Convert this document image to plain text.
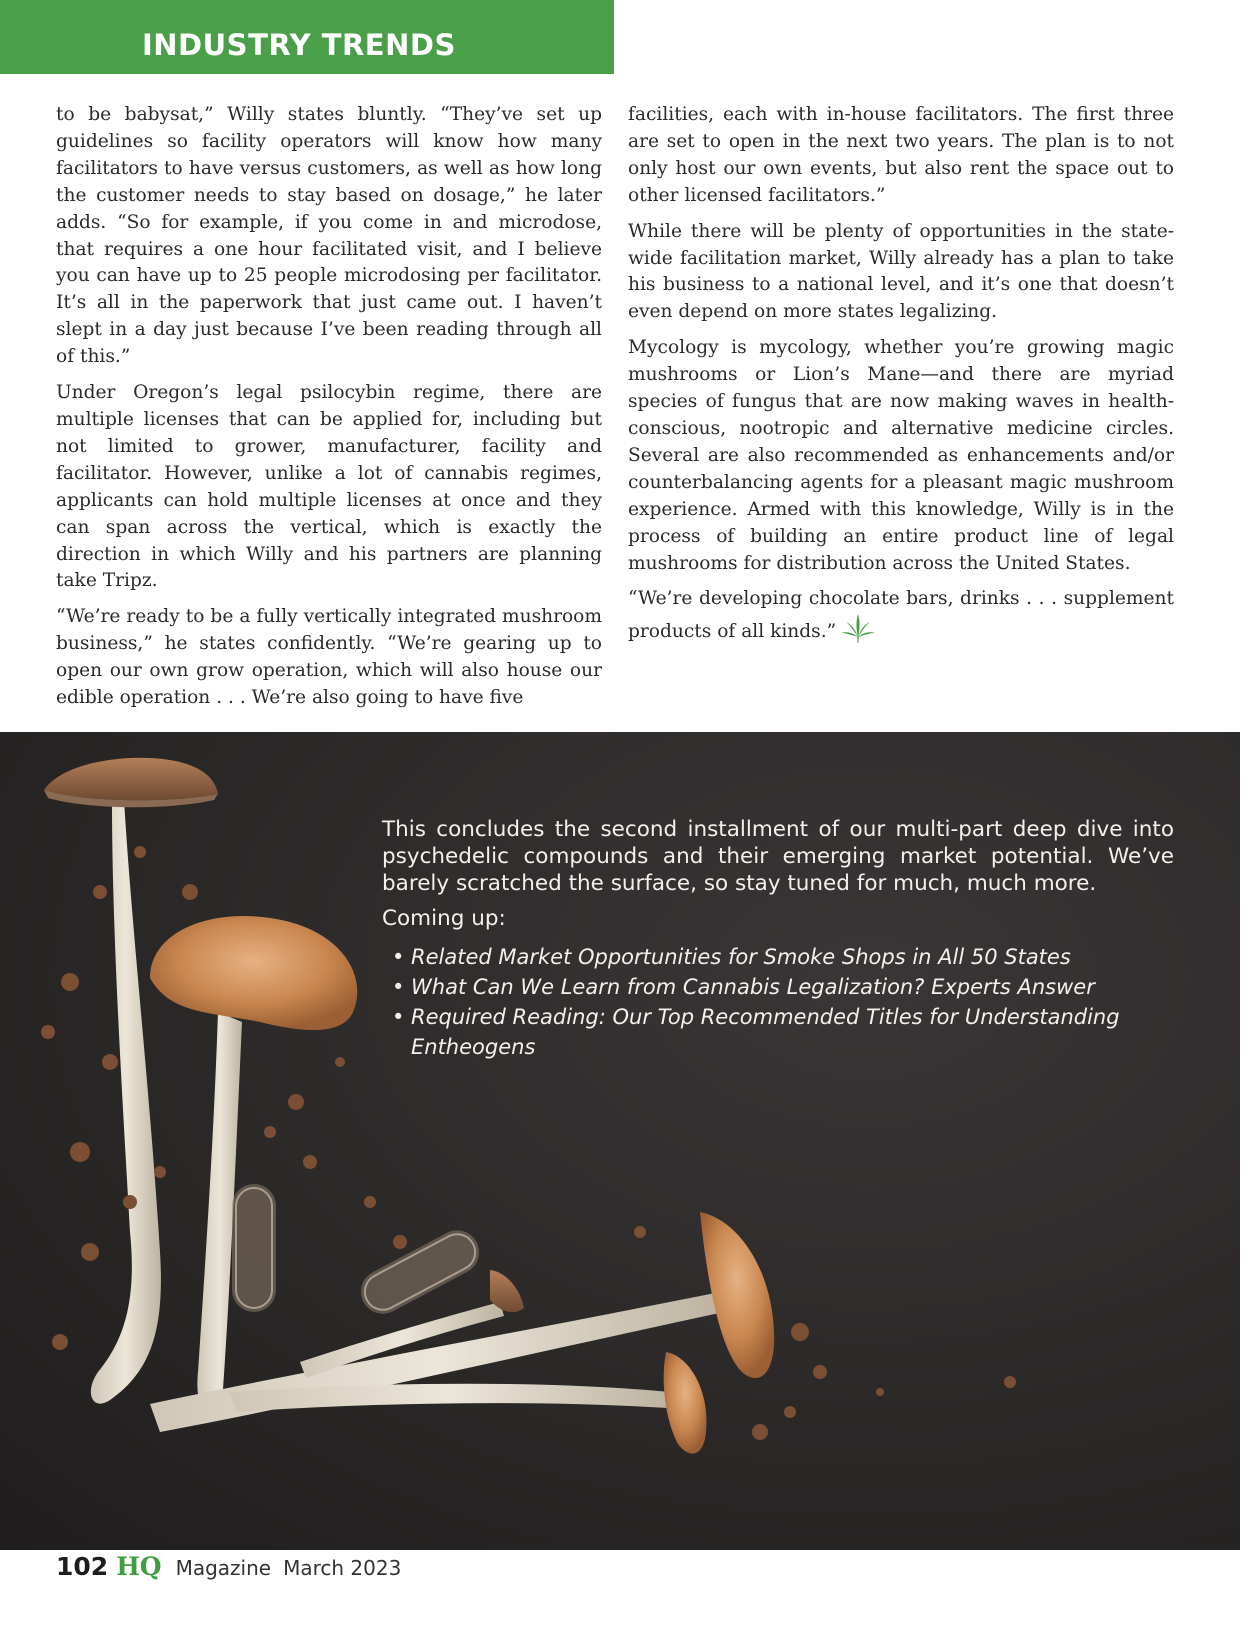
INDUSTRY TRENDS

to be babysat,” Willy states bluntly. “They’ve set up guidelines so facility operators will know how many facilitators to have versus customers, as well as how long the customer needs to stay based on dosage,” he later adds. “So for example, if you come in and microdose, that requires a one hour facilitated visit, and I believe you can have up to 25 people microdosing per facilitator. It’s all in the paperwork that just came out. I haven’t slept in a day just because I’ve been reading through all of this.”

Under Oregon’s legal psilocybin regime, there are multiple licenses that can be applied for, including but not limited to grower, manufacturer, facility and facilitator. However, unlike a lot of cannabis regimes, applicants can hold multiple licenses at once and they can span across the vertical, which is exactly the direction in which Willy and his partners are planning take Tripz.

“We’re ready to be a fully vertically integrated mushroom business,” he states confidently. “We’re gearing up to open our own grow operation, which will also house our edible operation . . . We’re also going to have five

facilities, each with in-house facilitators. The first three are set to open in the next two years. The plan is to not only host our own events, but also rent the space out to other licensed facilitators.”

While there will be plenty of opportunities in the state-wide facilitation market, Willy already has a plan to take his business to a national level, and it’s one that doesn’t even depend on more states legalizing.

Mycology is mycology, whether you’re growing magic mushrooms or Lion’s Mane—and there are myriad species of fungus that are now making waves in health-conscious, nootropic and alternative medicine circles. Several are also recommended as enhancements and/or counterbalancing agents for a pleasant magic mushroom experience. Armed with this knowledge, Willy is in the process of building an entire product line of legal mushrooms for distribution across the United States.

“We’re developing chocolate bars, drinks . . . supplement products of all kinds.”

This concludes the second installment of our multi-part deep dive into psychedelic compounds and their emerging market potential. We’ve barely scratched the surface, so stay tuned for much, much more.

Coming up:

• Related Market Opportunities for Smoke Shops in All 50 States
• What Can We Learn from Cannabis Legalization? Experts Answer
• Required Reading: Our Top Recommended Titles for Understanding Entheogens
102 HQ Magazine March 2023
